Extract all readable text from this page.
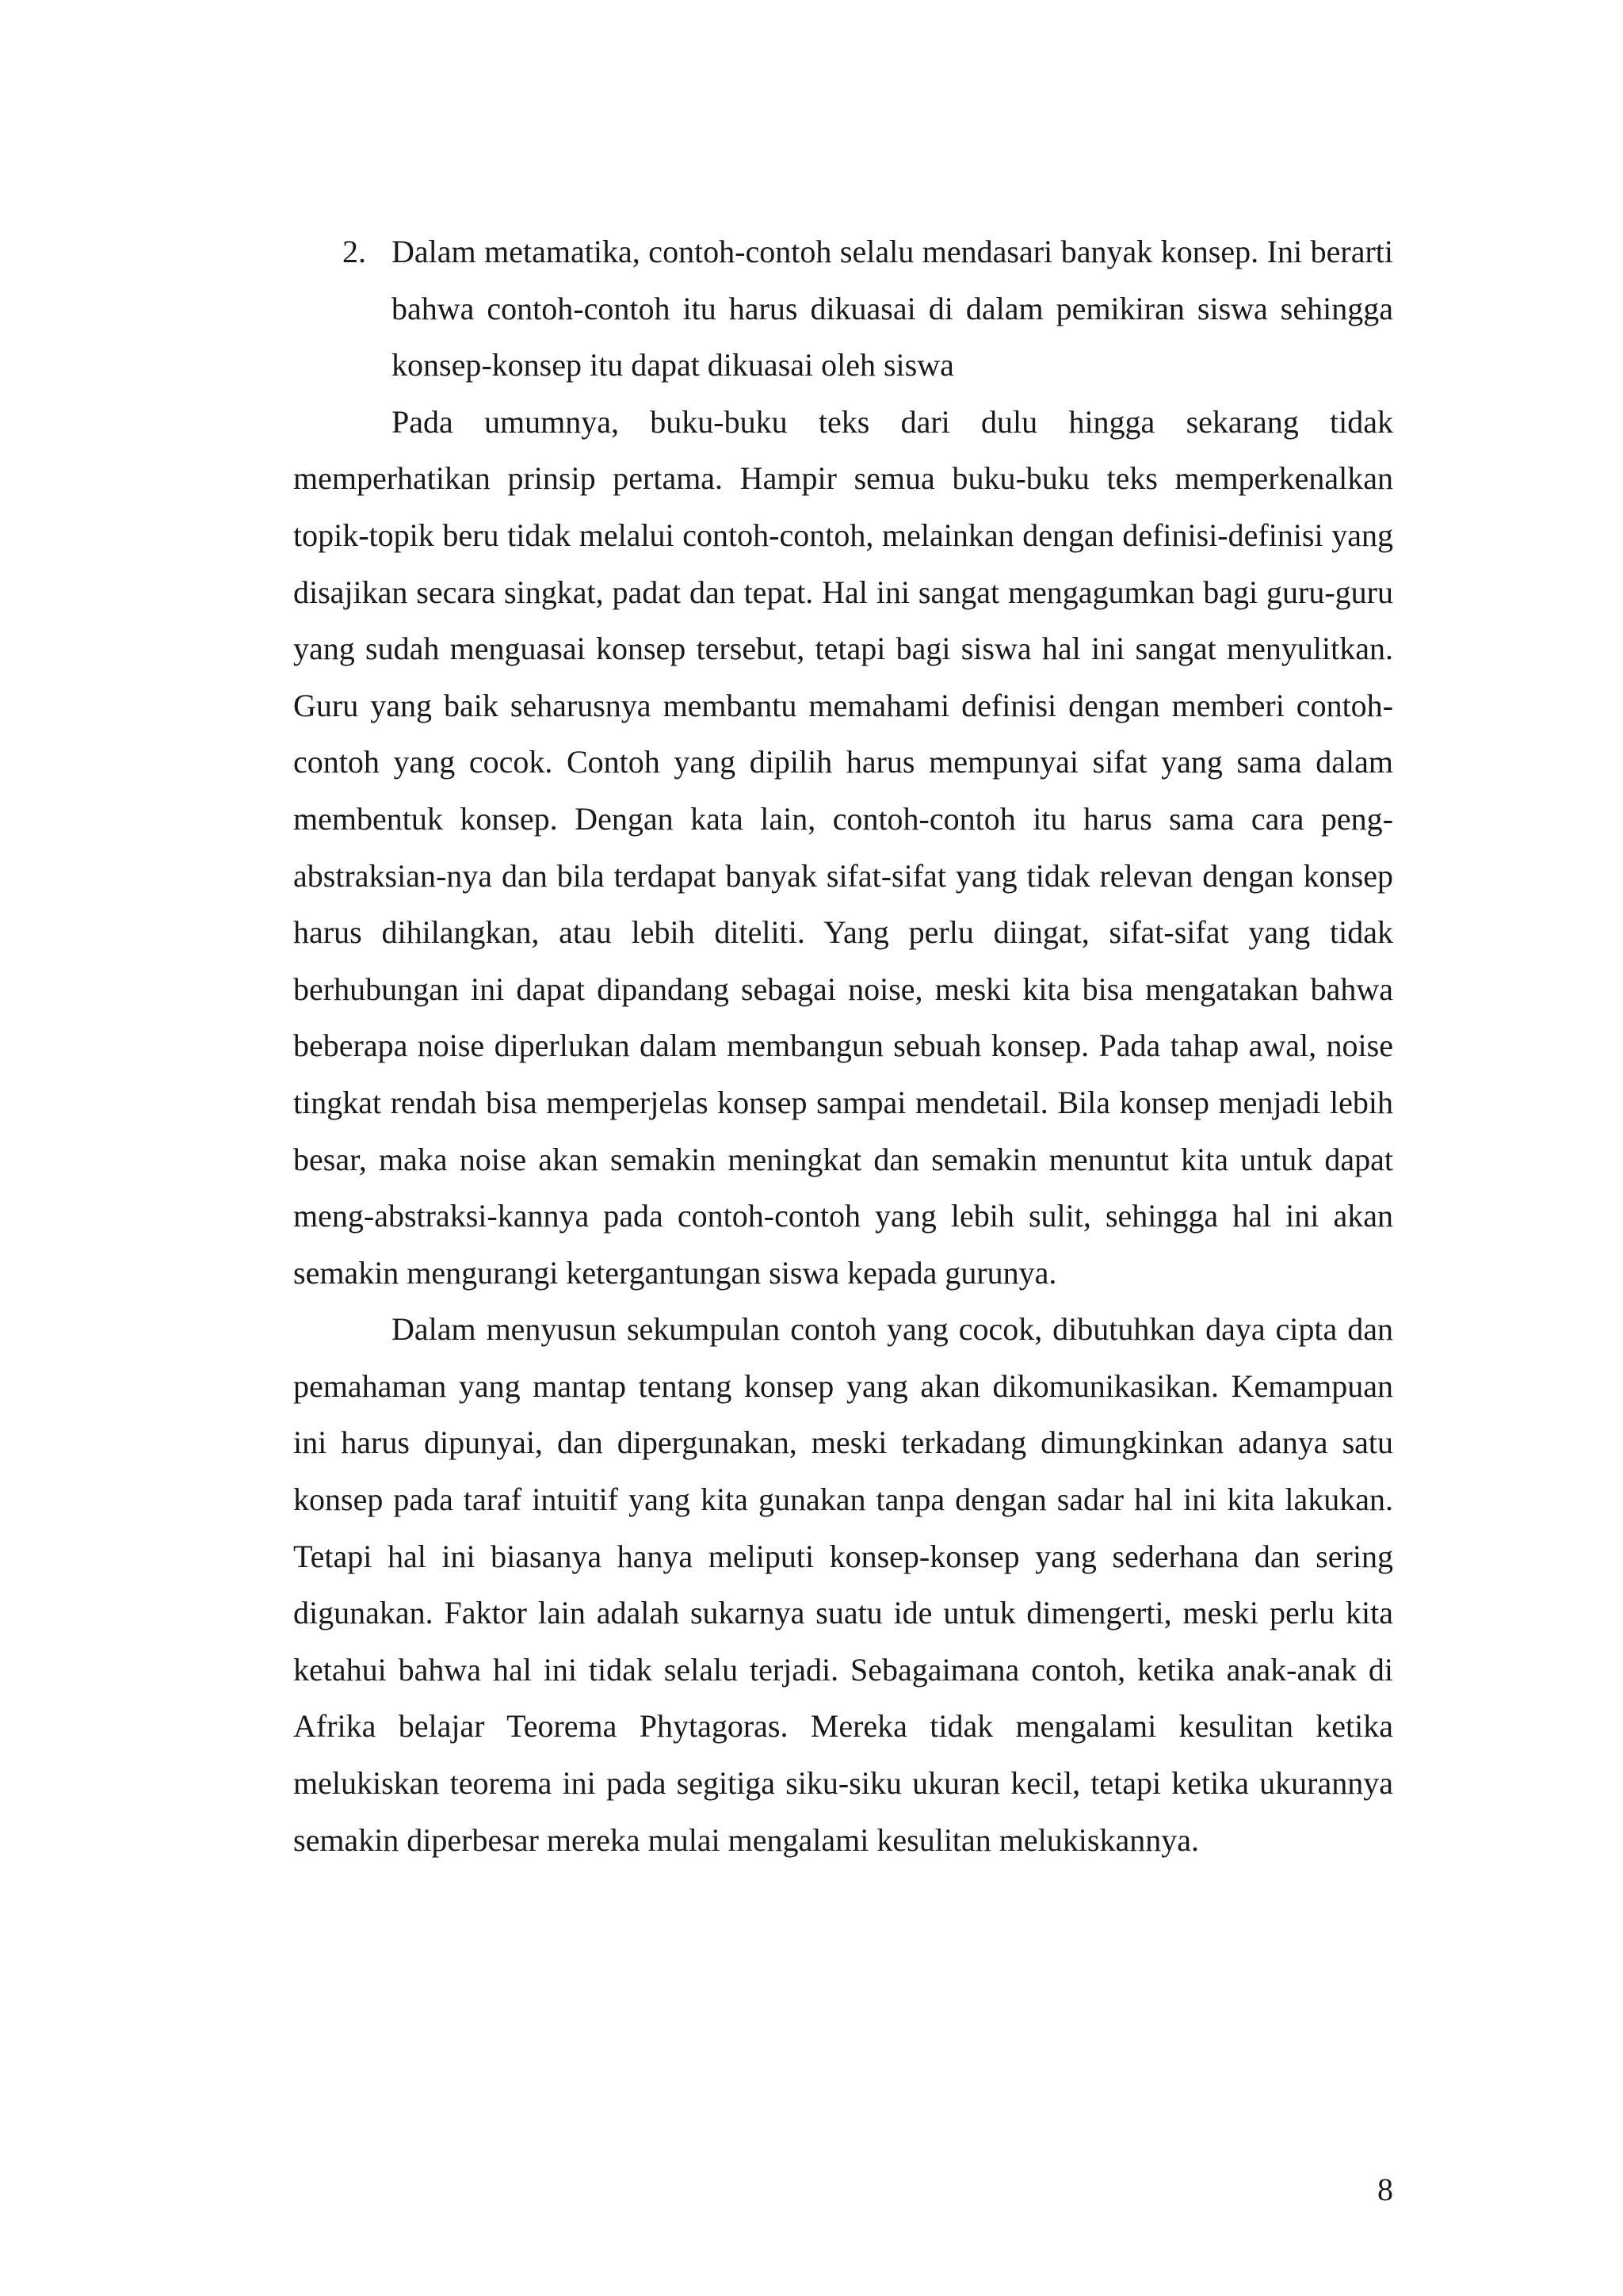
2. Dalam metamatika, contoh-contoh selalu mendasari banyak konsep. Ini berarti bahwa contoh-contoh itu harus dikuasai di dalam pemikiran siswa sehingga konsep-konsep itu dapat dikuasai oleh siswa

Pada umumnya, buku-buku teks dari dulu hingga sekarang tidak memperhatikan prinsip pertama. Hampir semua buku-buku teks memperkenalkan topik-topik beru tidak melalui contoh-contoh, melainkan dengan definisi-definisi yang disajikan secara singkat, padat dan tepat. Hal ini sangat mengagumkan bagi guru-guru yang sudah menguasai konsep tersebut, tetapi bagi siswa hal ini sangat menyulitkan. Guru yang baik seharusnya membantu memahami definisi dengan memberi contoh-contoh yang cocok. Contoh yang dipilih harus mempunyai sifat yang sama dalam membentuk konsep. Dengan kata lain, contoh-contoh itu harus sama cara peng-abstraksian-nya dan bila terdapat banyak sifat-sifat yang tidak relevan dengan konsep harus dihilangkan, atau lebih diteliti. Yang perlu diingat, sifat-sifat yang tidak berhubungan ini dapat dipandang sebagai noise, meski kita bisa mengatakan bahwa beberapa noise diperlukan dalam membangun sebuah konsep. Pada tahap awal, noise tingkat rendah bisa memperjelas konsep sampai mendetail. Bila konsep menjadi lebih besar, maka noise akan semakin meningkat dan semakin menuntut kita untuk dapat meng-abstraksi-kannya pada contoh-contoh yang lebih sulit, sehingga hal ini akan semakin mengurangi ketergantungan siswa kepada gurunya.

Dalam menyusun sekumpulan contoh yang cocok, dibutuhkan daya cipta dan pemahaman yang mantap tentang konsep yang akan dikomunikasikan. Kemampuan ini harus dipunyai, dan dipergunakan, meski terkadang dimungkinkan adanya satu konsep pada taraf intuitif yang kita gunakan tanpa dengan sadar hal ini kita lakukan. Tetapi hal ini biasanya hanya meliputi konsep-konsep yang sederhana dan sering digunakan. Faktor lain adalah sukarnya suatu ide untuk dimengerti, meski perlu kita ketahui bahwa hal ini tidak selalu terjadi. Sebagaimana contoh, ketika anak-anak di Afrika belajar Teorema Phytagoras. Mereka tidak mengalami kesulitan ketika melukiskan teorema ini pada segitiga siku-siku ukuran kecil, tetapi ketika ukurannya semakin diperbesar mereka mulai mengalami kesulitan melukiskannya.

8
